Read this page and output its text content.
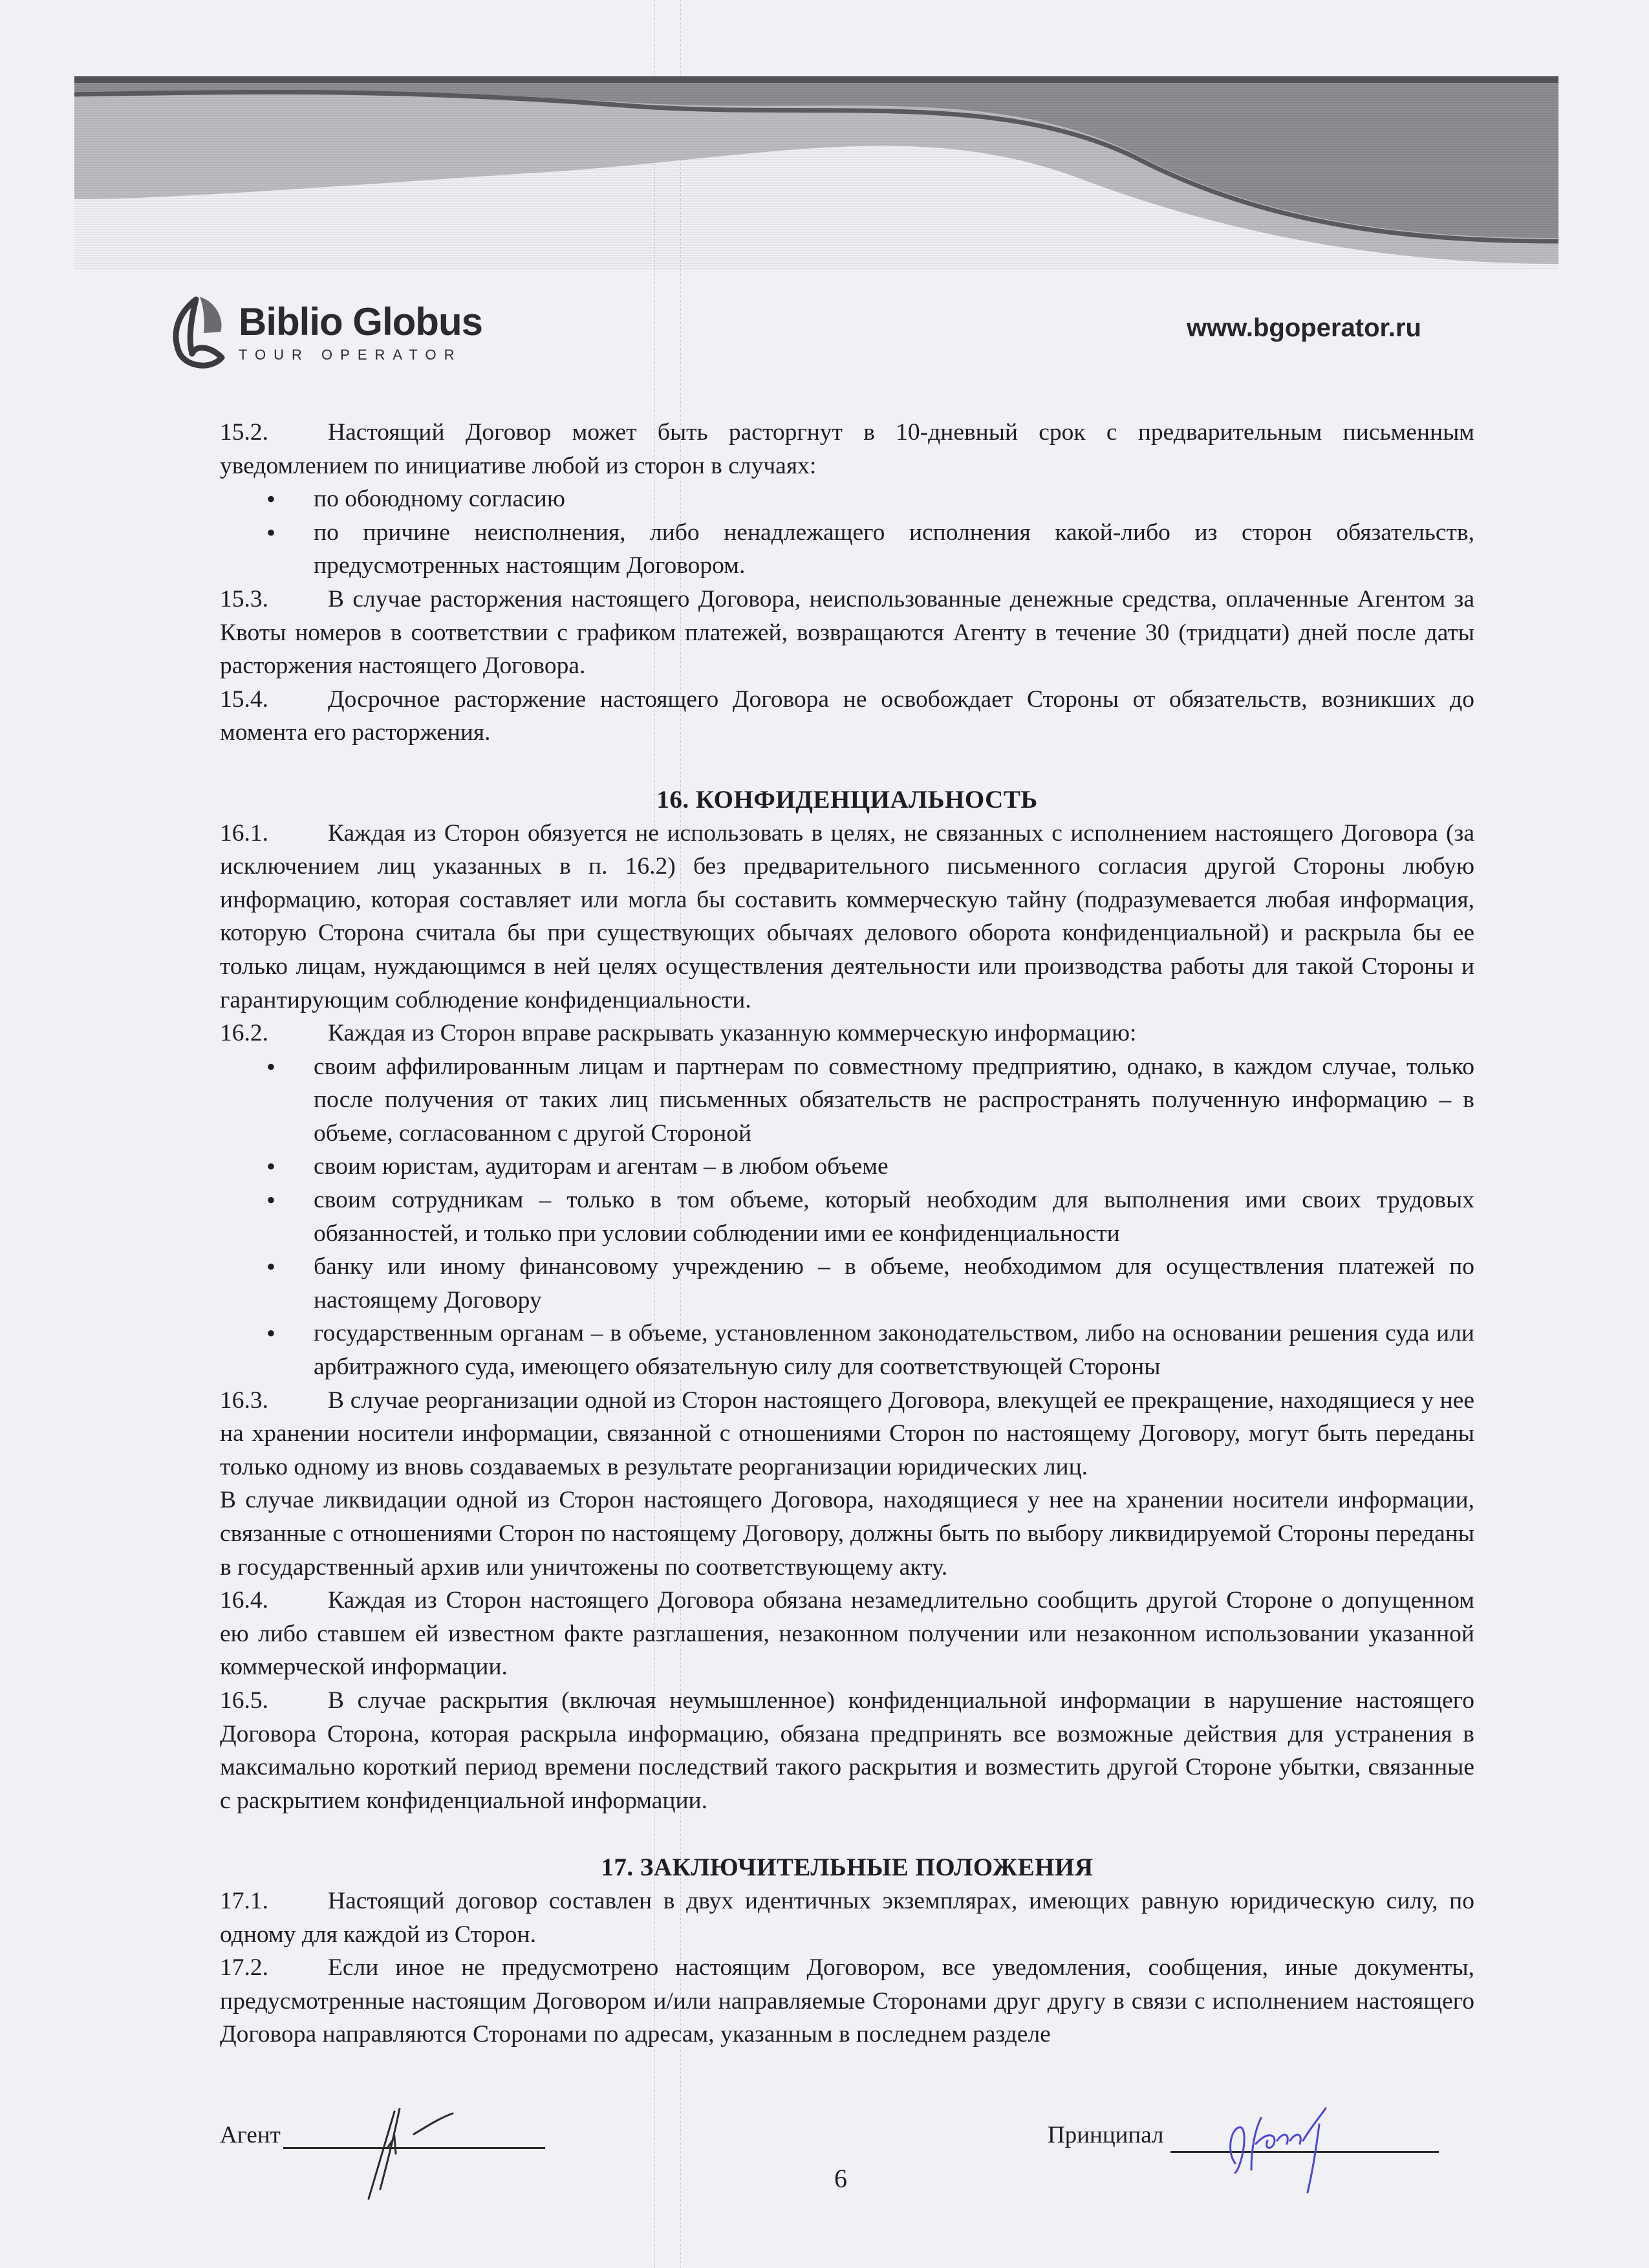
Biblio Globus
TOUR OPERATOR
www.bgoperator.ru

15.2. Настоящий Договор может быть расторгнут в 10-дневный срок с предварительным письменным уведомлением по инициативе любой из сторон в случаях:

• по обоюдному согласию
• по причине неисполнения, либо ненадлежащего исполнения какой-либо из сторон обязательств, предусмотренных настоящим Договором.

15.3. В случае расторжения настоящего Договора, неиспользованные денежные средства, оплаченные Агентом за Квоты номеров в соответствии с графиком платежей, возвращаются Агенту в течение 30 (тридцати) дней после даты расторжения настоящего Договора.

15.4. Досрочное расторжение настоящего Договора не освобождает Стороны от обязательств, возникших до момента его расторжения.

16. КОНФИДЕНЦИАЛЬНОСТЬ

16.1. Каждая из Сторон обязуется не использовать в целях, не связанных с исполнением настоящего Договора (за исключением лиц указанных в п. 16.2) без предварительного письменного согласия другой Стороны любую информацию, которая составляет или могла бы составить коммерческую тайну (подразумевается любая информация, которую Сторона считала бы при существующих обычаях делового оборота конфиденциальной) и раскрыла бы ее только лицам, нуждающимся в ней целях осуществления деятельности или производства работы для такой Стороны и гарантирующим соблюдение конфиденциальности.

16.2. Каждая из Сторон вправе раскрывать указанную коммерческую информацию:

• своим аффилированным лицам и партнерам по совместному предприятию, однако, в каждом случае, только после получения от таких лиц письменных обязательств не распространять полученную информацию – в объеме, согласованном с другой Стороной
• своим юристам, аудиторам и агентам – в любом объеме
• своим сотрудникам – только в том объеме, который необходим для выполнения ими своих трудовых обязанностей, и только при условии соблюдении ими ее конфиденциальности
• банку или иному финансовому учреждению – в объеме, необходимом для осуществления платежей по настоящему Договору
• государственным органам – в объеме, установленном законодательством, либо на основании решения суда или арбитражного суда, имеющего обязательную силу для соответствующей Стороны

16.3. В случае реорганизации одной из Сторон настоящего Договора, влекущей ее прекращение, находящиеся у нее на хранении носители информации, связанной с отношениями Сторон по настоящему Договору, могут быть переданы только одному из вновь создаваемых в результате реорганизации юридических лиц.

В случае ликвидации одной из Сторон настоящего Договора, находящиеся у нее на хранении носители информации, связанные с отношениями Сторон по настоящему Договору, должны быть по выбору ликвидируемой Стороны переданы в государственный архив или уничтожены по соответствующему акту.

16.4. Каждая из Сторон настоящего Договора обязана незамедлительно сообщить другой Стороне о допущенном ею либо ставшем ей известном факте разглашения, незаконном получении или незаконном использовании указанной коммерческой информации.

16.5. В случае раскрытия (включая неумышленное) конфиденциальной информации в нарушение настоящего Договора Сторона, которая раскрыла информацию, обязана предпринять все возможные действия для устранения в максимально короткий период времени последствий такого раскрытия и возместить другой Стороне убытки, связанные с раскрытием конфиденциальной информации.

17. ЗАКЛЮЧИТЕЛЬНЫЕ ПОЛОЖЕНИЯ

17.1. Настоящий договор составлен в двух идентичных экземплярах, имеющих равную юридическую силу, по одному для каждой из Сторон.

17.2. Если иное не предусмотрено настоящим Договором, все уведомления, сообщения, иные документы, предусмотренные настоящим Договором и/или направляемые Сторонами друг другу в связи с исполнением настоящего Договора направляются Сторонами по адресам, указанным в последнем разделе

Агент	Принципал
6
